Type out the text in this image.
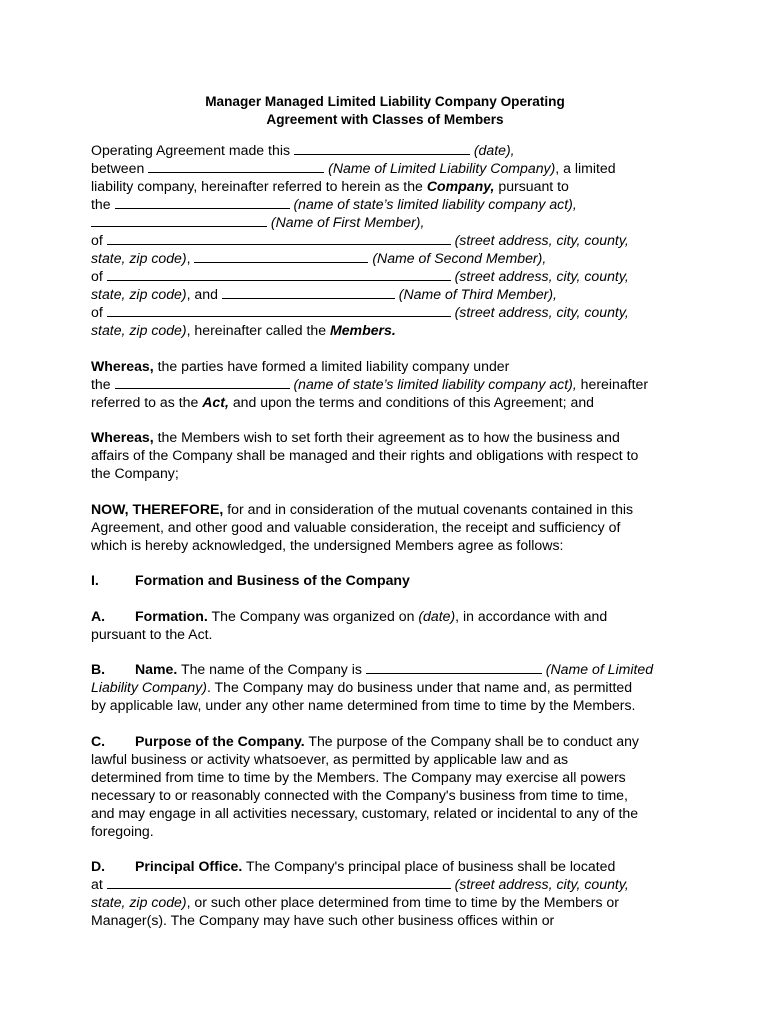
Manager Managed Limited Liability Company Operating
Agreement with Classes of Members
Operating Agreement made this	(date),
between	(Name of Limited Liability Company), a limited
liability company, hereinafter referred to herein as the Company, pursuant to
the	(name of state’s limited liability company act),
(Name of First Member),
of	(street address, city, county,
state, zip code),	(Name of Second Member),
of	(street address, city, county,
state, zip code), and	(Name of Third Member),
of	(street address, city, county,
state, zip code), hereinafter called the Members.
Whereas, the parties have formed a limited liability company under
the	(name of state’s limited liability company act), hereinafter
referred to as the Act, and upon the terms and conditions of this Agreement; and
Whereas, the Members wish to set forth their agreement as to how the business and
affairs of the Company shall be managed and their rights and obligations with respect to
the Company;
NOW, THEREFORE, for and in consideration of the mutual covenants contained in this
Agreement, and other good and valuable consideration, the receipt and sufficiency of
which is hereby acknowledged, the undersigned Members agree as follows:
I.	Formation and Business of the Company
A. Formation. The Company was organized on (date), in accordance with and
pursuant to the Act.
B. Name. The name of the Company is	(Name of Limited
Liability Company). The Company may do business under that name and, as permitted
by applicable law, under any other name determined from time to time by the Members.
C. Purpose of the Company. The purpose of the Company shall be to conduct any
lawful business or activity whatsoever, as permitted by applicable law and as
determined from time to time by the Members. The Company may exercise all powers
necessary to or reasonably connected with the Company's business from time to time,
and may engage in all activities necessary, customary, related or incidental to any of the
foregoing.
D. Principal Office. The Company's principal place of business shall be located
at	(street address, city, county,
state, zip code), or such other place determined from time to time by the Members or
Manager(s). The Company may have such other business offices within or
